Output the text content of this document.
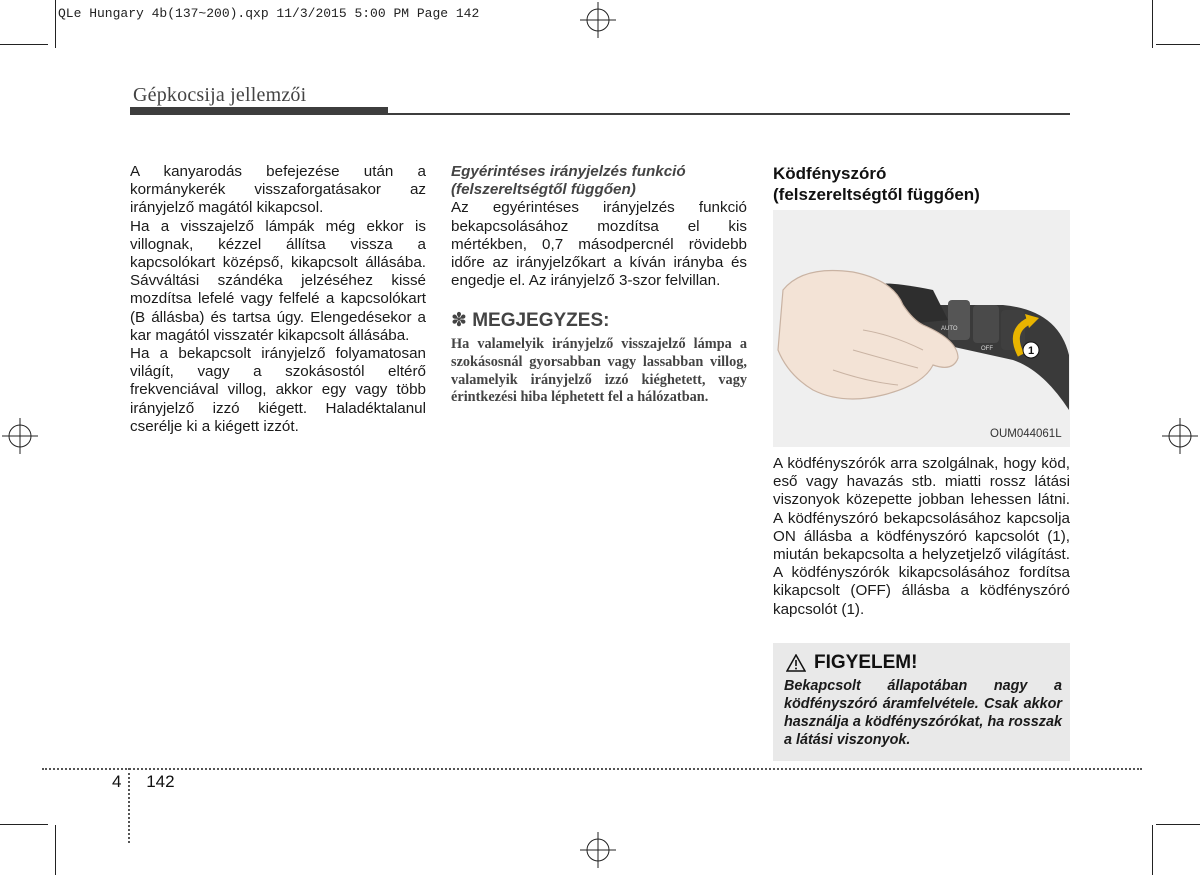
QLe Hungary 4b(137~200).qxp 11/3/2015 5:00 PM Page 142
Gépkocsija jellemzői

A kanyarodás befejezése után a kormánykerék visszaforgatásakor az irányjelző magától kikapcsol.

Ha a visszajelző lámpák még ekkor is villognak, kézzel állítsa vissza a kapcsolókart középső, kikapcsolt állásába. Sávváltási szándéka jelzéséhez kissé mozdítsa lefelé vagy felfelé a kapcsolókart (B állásba) és tartsa úgy. Elengedésekor a kar magától visszatér kikapcsolt állásába.

Ha a bekapcsolt irányjelző folyamatosan világít, vagy a szokásostól eltérő frekvenciával villog, akkor egy vagy több irányjelző izzó kiégett. Haladéktalanul cserélje ki a kiégett izzót.

Egyérintéses irányjelzés funkció

(felszereltségtől függően)

Az egyérintéses irányjelzés funkció bekapcsolásához mozdítsa el kis mértékben, 0,7 másodpercnél rövidebb időre az irányjelzőkart a kíván irányba és engedje el. Az irányjelző 3-szor felvillan.

✽ MEGJEGYZES:

Ha valamelyik irányjelző visszajelző lámpa a szokásosnál gyorsabban vagy lassabban villog, valamelyik irányjelző izzó kiéghetett, vagy érintkezési hiba léphetett fel a hálózatban.

Ködfényszóró

(felszereltségtől függően)

1
AUTO
OFF
OUM044061L

A ködfényszórók arra szolgálnak, hogy köd, eső vagy havazás stb. miatti rossz látási viszonyok közepette jobban lehessen látni. A ködfényszóró bekapcsolásához kapcsolja ON állásba a ködfényszóró kapcsolót (1), miután bekapcsolta a helyzetjelző világítást. A ködfényszórók kikapcsolásához fordítsa kikapcsolt (OFF) állásba a ködfényszóró kapcsolót (1).

FIGYELEM!
Bekapcsolt állapotában nagy a ködfényszóró áramfelvétele. Csak akkor használja a ködfényszórókat, ha rosszak a látási viszonyok.
4 142
